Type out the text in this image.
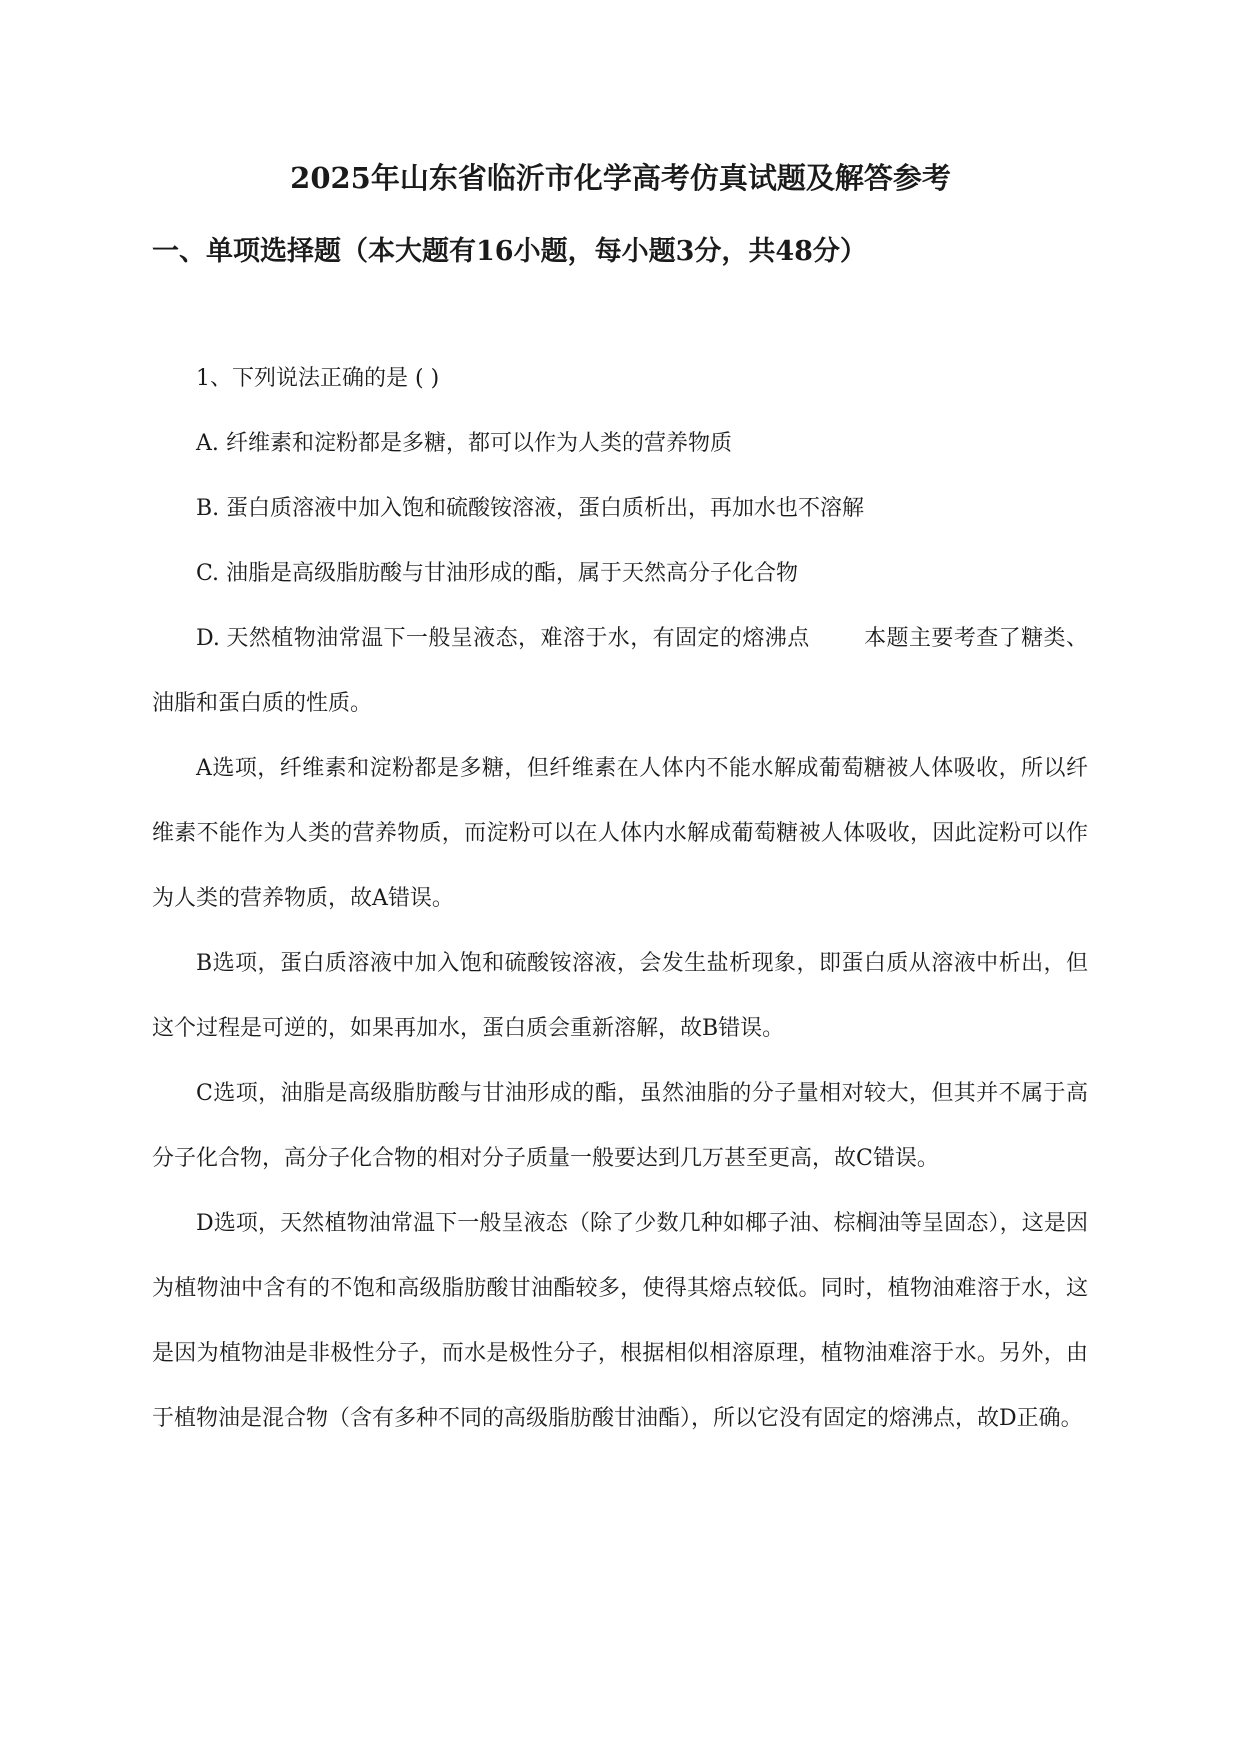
2025年山东省临沂市化学高考仿真试题及解答参考
一、单项选择题（本大题有16小题，每小题3分，共48分）

1、下列说法正确的是 ( )

A. 纤维素和淀粉都是多糖，都可以作为人类的营养物质

B. 蛋白质溶液中加入饱和硫酸铵溶液，蛋白质析出，再加水也不溶解

C. 油脂是高级脂肪酸与甘油形成的酯，属于天然高分子化合物

D. 天然植物油常温下一般呈液态，难溶于水，有固定的熔沸点 本题主要考查了糖类、油脂和蛋白质的性质。

A选项，纤维素和淀粉都是多糖，但纤维素在人体内不能水解成葡萄糖被人体吸收，所以纤维素不能作为人类的营养物质，而淀粉可以在人体内水解成葡萄糖被人体吸收，因此淀粉可以作为人类的营养物质，故A错误。

B选项，蛋白质溶液中加入饱和硫酸铵溶液，会发生盐析现象，即蛋白质从溶液中析出，但这个过程是可逆的，如果再加水，蛋白质会重新溶解，故B错误。

C选项，油脂是高级脂肪酸与甘油形成的酯，虽然油脂的分子量相对较大，但其并不属于高分子化合物，高分子化合物的相对分子质量一般要达到几万甚至更高，故C错误。

D选项，天然植物油常温下一般呈液态（除了少数几种如椰子油、棕榈油等呈固态），这是因为植物油中含有的不饱和高级脂肪酸甘油酯较多，使得其熔点较低。同时，植物油难溶于水，这是因为植物油是非极性分子，而水是极性分子，根据相似相溶原理，植物油难溶于水。另外，由于植物油是混合物（含有多种不同的高级脂肪酸甘油酯），所以它没有固定的熔沸点，故D正确。
